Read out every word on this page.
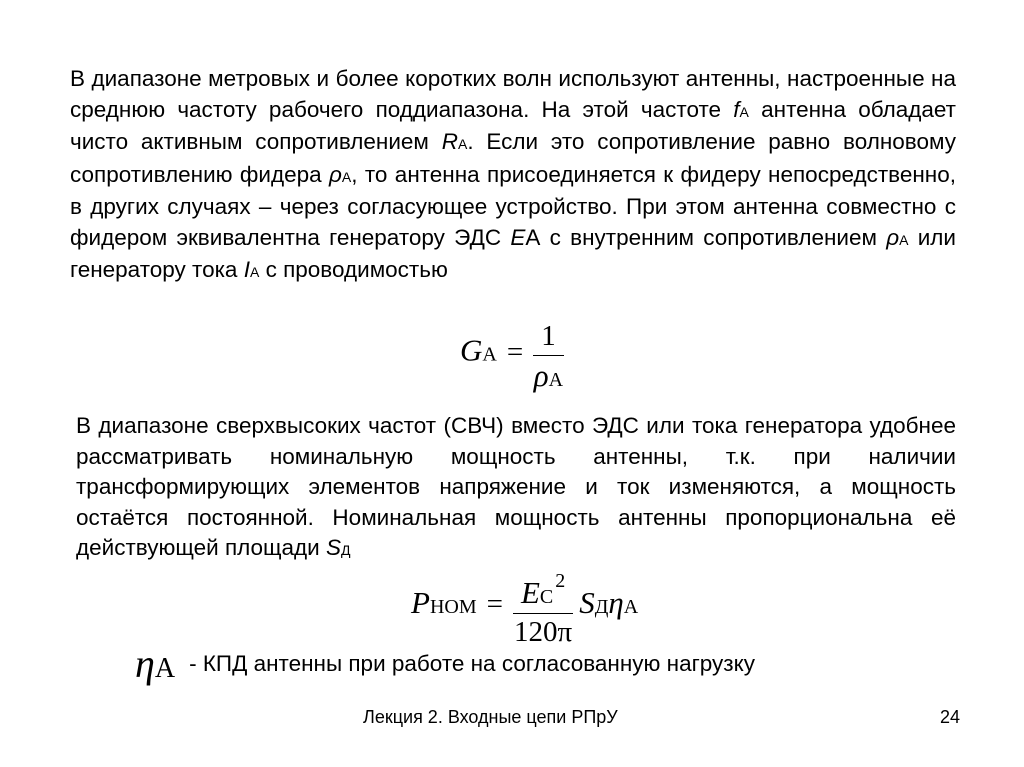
В диапазоне метровых и более коротких волн используют антенны, настроенные на среднюю частоту рабочего поддиапазона. На этой частоте fА антенна обладает чисто активным сопротивлением RА. Если это сопротивление равно волновому сопротивлению фидера ρА, то антенна присоединяется к фидеру непосредственно, в других случаях – через согласующее устройство. При этом антенна совместно с фидером эквивалентна генератору ЭДС EА с внутренним сопротивлением ρА или генератору тока IА с проводимостью

GA = $\frac{1}{\rho A}$

В диапазоне сверхвысоких частот (СВЧ) вместо ЭДС или тока генератора удобнее рассматривать номинальную мощность антенны, т.к. при наличии трансформирующих элементов напряжение и ток изменяются, а мощность остаётся постоянной. Номинальная мощность антенны пропорциональна её действующей площади SД

PНОМ = $\frac{EС^2}{120\pi}$ SДηA
ηA - КПД антенны при работе на согласованную нагрузку
Лекция 2. Входные цепи РПрУ	24
